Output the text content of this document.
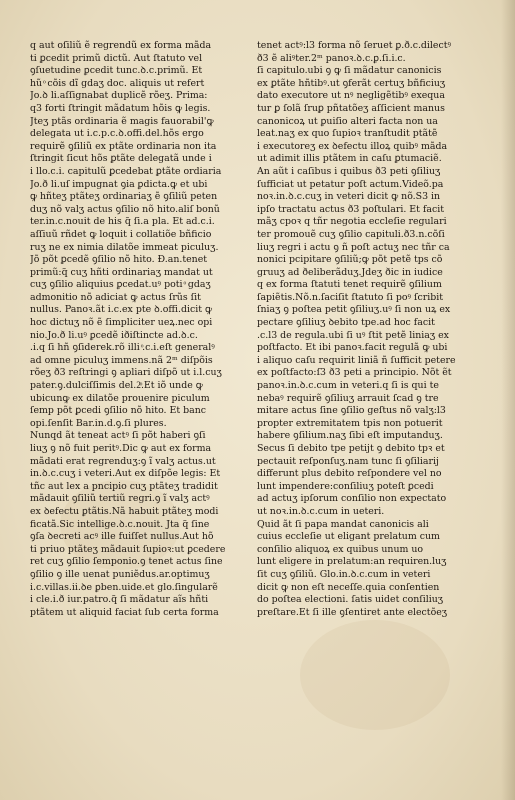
q aut oſiliũ ẽ regrendũ ex forma mãda
ti ꝑcedit primũ dictũ. Aut ſtatuto vel
ꝯſuetudine ꝑcedit tunc.ꝺ.c.primũ. Et
hũ ͦ cõis dĩ gdaʒ doc. aliquis ut refert
Jo.ꝺ li.aſſignabat duplicẽ rõeʒ. Prima:
q3 forti ſtringit mãdatum hõis ꝙ legis.
Jteʒ ptãs ordinaria ẽ magis fauorabil'ꝙ
delegata ut i.c.p.c.ꝺ.offi.del.hõs ergo
requirẽ ꝯſiliũ ex ptãte ordinaria non ita
ſtringit ſicut hõs ꝑtãte delegatã unde i
i llo.c.i. capitulũ ꝑcedebat ꝑtãte ordiaria
Jo.ð li.uſ impugnat ꝯia ꝑdicta.ꝙ et ubi
ꝙ hñteʒ ptãteʒ ordinariaʒ ẽ ꝯſiliũ peten
duʒ nõ valʒ actus ꝯſilio nõ hito.aliſ bonũ
ter.in.c.nouit de his q̃ ſi.a pla. Et ad.c.i.
aſſiuũ rñdet ꝙ loquit i collatiõe bñficio
ruʒ ne ex nimia dilatõe immeat piculuʒ.
Jõ põt ꝑcedẽ ꝯſilio nõ hito. Ð.an.tenet
primũ:q̃ cuʒ hñti ordinariaʒ mandat ut
cuʒ ꝯſilio aliquius ꝑcedat.uꝰ poti ͦ gdaʒ
admonitio nõ adiciat ꝙ actus ſrũs ſit
nullus. Panoꝛ.ãt i.c.ex pte ꝺ.offi.dicit ꝙ
hoc dictuʒ nõ ẽ ſimpliciter ueꝝ.nec opi
nio.Jo.ð li.uꝰ ꝑcedẽ iðiſtincte ad.ꝺ.c.
.i.q ſi hñ ꝯſiderek.rõ illi ͦ.c.i.eſt generalꝰ
ad omne piculuʒ immens.nã 2ᵐ diſpõis
rõeʒ ð3 reſtringi ꝯ apliari diſpõ ut i.l.cuʒ
pater.ꝯ.dulciſſimis del.2ͦ.Et iõ unde ꝙ
ubicunꝙ ex dilatõe prouenire piculum
ſemp põt ꝑcedi ꝯſilio nõ hito. Et banc
opi.ſenſit Bar.in.d.ꝯ.ſi plures.
Nunqd ãt teneat actꝰ ſi põt haberi ꝯſi
liuʒ ꝯ nõ fuit peritꝰ.Dic ꝙ aut ex forma
mãdati erat regrenduʒ:ꝯ ĩ valʒ actus.ut
in.ꝺ.c.cuʒ i veteri.Aut ex diſpõe legis: Et
tñc aut lex a pncipio cuʒ ptãteʒ tradidit
mãdauit ꝯſiliũ tertiũ regri.ꝯ ĩ valʒ actꝰ
ex ꝺefectu ꝑtãtis.Nã habuit ptãteʒ modi
ficatã.Sic intellige.ꝺ.c.nouit. Jta q̃ ſine
ꝯſa ꝺecreti acꝰ ille fuiſſet nullus.Aut hõ
ti priuo ptãteʒ mãdauit ſupioꝛ:ut ꝑcedere
ret cuʒ ꝯſilio ſemponio.ꝯ tenet actus ſine
ꝯſilio ꝯ ille uenat puniẽdus.ar.optimuʒ
i.c.villas.ii.ꝺe ꝑben.uide.et glo.ſingularẽ
i cle.i.ð iur.patro.q̃ ſi mãdatur aĩs hñti
ptãtem ut aliquid faciat ſub certa forma
tenet actꝰ:l3 forma nõ ſeruet ꝑ.ð.c.dilectꝰ
ð3 ẽ aliꝰter.2ᵐ panoꝛ.ꝺ.c.ꝑ.ſi.i.c.
ſi capitulo.ubi ꝯ ꝙ ſi mãdatur canonicis
ex ꝑtãte hñtibꝰ.ut ꝯferãt certuʒ bñficiuʒ
dato executore ut nꝰ negligẽtibꝰ exequa
tur ꝑ ſolã ſruꝑ pñtatõeʒ aſſicient manus
canonicoꝝ ut ꝑuiſio alteri facta non ua
leat.naʒ ex quo ſupioꝛ tranſtudit ptãtẽ
i executoreʒ ex ꝺefectu illoꝝ quibꝰ mãda
ut adimit illis ptãtem in caſu ꝑtumaciẽ.
An aũt i caſibus i quibus ð3 peti ꝯſiliuʒ
ſufficiat ut petatur poſt actum.Videõ.pa
noꝛ.in.ꝺ.c.cuʒ in veteri dicit ꝙ nõ.S3 in
ipſo tractatu actus ð3 poſtulari. Et facit
mãʒ cpoꝛ q tñr negotia eccleſie regulari
ter promouẽ cuʒ ꝯſilio capituli.ð3.n.cõſi
liuʒ regri i actu ꝯ ñ poſt actuʒ nec tñr ca
nonici pcipitare ꝯſiliũ;ꝙ põt petẽ tps cõ
gruuʒ ad ðeliberãduʒ.Jdeʒ ðic in iudice
q ex forma ſtatuti tenet requirẽ ꝯſilium
ſapiẽtis.Nõ.n.ſaciſit ſtatuto ſi poꝰ ſcribit
ſniaʒ ꝯ poſtea petit ꝯſiliuʒ.uꝰ ſi non uꝝ ex
pectare ꝯſiliuʒ ꝺebito tpe.ad hoc facit
.c.l3 de regula.ubi ſi uꝰ ſtit petẽ liniaʒ ex
poſtfacto. Et ibi panoꝛ.facit regulã ꝙ ubi
i aliquo caſu requirit liniã ñ ſufficit petere
ex poſtfacto:ſ3 ð3 peti a principio. Nõt ẽt
panoꝛ.in.ꝺ.c.cum in veteri.q ſi is qui te
nebaꝰ requirẽ ꝯſiliuʒ arrauit ſcad ꝯ tre
mitare actus ſine ꝯſilio geſtus nõ valʒ:l3
propter extremitatem tpis non potuerit
habere ꝯſilium.naʒ ſibi eſt imputanduʒ.
Secus ſi debito tpe petijt ꝯ debito tpꝛ et
pectauit reſponſuʒ.nam tunc ſi ꝯſiliarij
differunt plus debito reſpondere vel no
lunt impendere:conſiliuʒ poteſt ꝑcedi
ad actuʒ ipſorum conſilio non expectato
ut noꝛ.in.ꝺ.c.cum in ueteri.
Quid ãt ſi papa mandat canonicis ali
cuius eccleſie ut eligant prelatum cum
conſilio aliquoꝝ ex quibus unum uo
lunt eligere in prelatum:an requiren.luʒ
ſit cuʒ ꝯſiliũ. Glo.in.ꝺ.c.cum in veteri
dicit ꝙ non eſt neceſſe.quia conſentien
do poſtea electioni. ſatis uidet conſiliuʒ
preſtare.Et ſi ille ꝯſentiret ante electõeʒ
